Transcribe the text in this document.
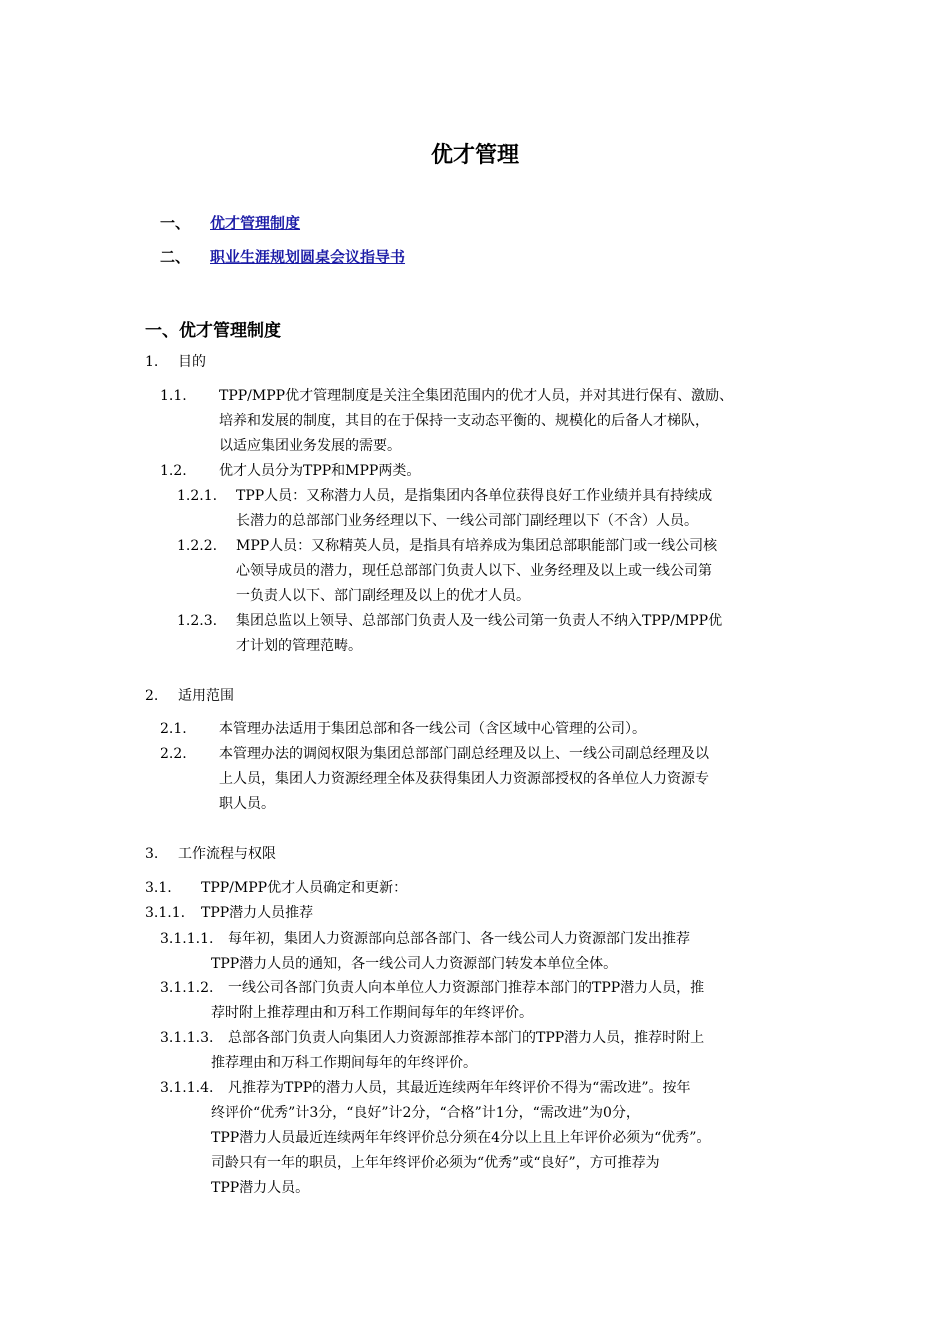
优才管理
一、 优才管理制度
二、 职业生涯规划圆桌会议指导书
一、优才管理制度
1. 目的
1.1. TPP/MPP优才管理制度是关注全集团范围内的优才人员，并对其进行保有、激励、
培养和发展的制度，其目的在于保持一支动态平衡的、规模化的后备人才梯队，
以适应集团业务发展的需要。
1.2. 优才人员分为TPP和MPP两类。
1.2.1. TPP人员：又称潜力人员，是指集团内各单位获得良好工作业绩并具有持续成
长潜力的总部部门业务经理以下、一线公司部门副经理以下（不含）人员。
1.2.2. MPP人员：又称精英人员，是指具有培养成为集团总部职能部门或一线公司核
心领导成员的潜力，现任总部部门负责人以下、业务经理及以上或一线公司第
一负责人以下、部门副经理及以上的优才人员。
1.2.3. 集团总监以上领导、总部部门负责人及一线公司第一负责人不纳入TPP/MPP优
才计划的管理范畴。
2. 适用范围
2.1. 本管理办法适用于集团总部和各一线公司（含区域中心管理的公司）。
2.2. 本管理办法的调阅权限为集团总部部门副总经理及以上、一线公司副总经理及以
上人员，集团人力资源经理全体及获得集团人力资源部授权的各单位人力资源专
职人员。
3. 工作流程与权限
3.1. TPP/MPP优才人员确定和更新：
3.1.1. TPP潜力人员推荐
3.1.1.1. 每年初，集团人力资源部向总部各部门、各一线公司人力资源部门发出推荐
TPP潜力人员的通知，各一线公司人力资源部门转发本单位全体。
3.1.1.2. 一线公司各部门负责人向本单位人力资源部门推荐本部门的TPP潜力人员，推
荐时附上推荐理由和万科工作期间每年的年终评价。
3.1.1.3. 总部各部门负责人向集团人力资源部推荐本部门的TPP潜力人员，推荐时附上
推荐理由和万科工作期间每年的年终评价。
3.1.1.4. 凡推荐为TPP的潜力人员，其最近连续两年年终评价不得为“需改进”。按年
终评价“优秀”计3分，“良好”计2分，“合格”计1分，“需改进”为0分，
TPP潜力人员最近连续两年年终评价总分须在4分以上且上年评价必须为“优秀”。
司龄只有一年的职员，上年年终评价必须为“优秀”或“良好”，方可推荐为
TPP潜力人员。
